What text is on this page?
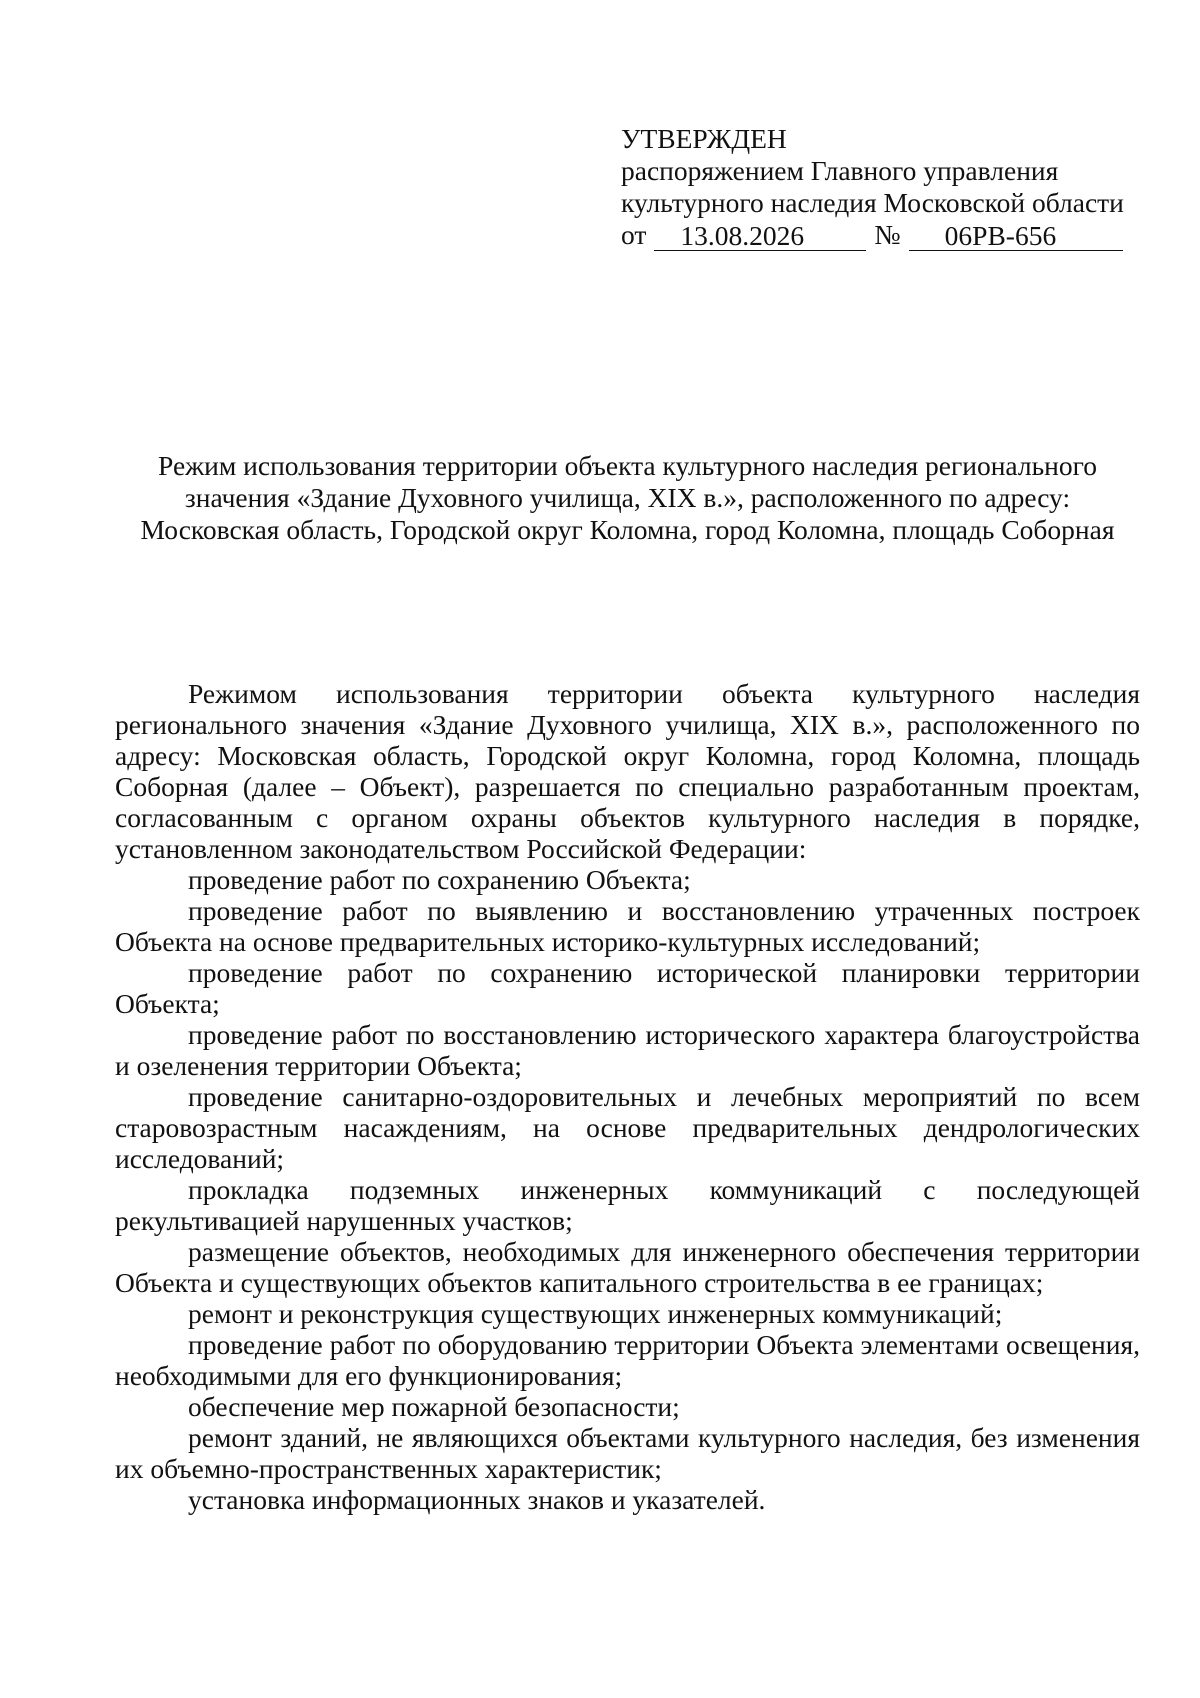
УТВЕРЖДЕН
распоряжением Главного управления
культурного наследия Московской области
от	13.08.2026	№	06РВ-656
Режим использования территории объекта культурного наследия регионального
значения «Здание Духовного училища, XIX в.», расположенного по адресу:
Московская область, Городской округ Коломна, город Коломна, площадь Соборная

Режимом использования территории объекта культурного наследия регионального значения «Здание Духовного училища, XIX в.», расположенного по адресу: Московская область, Городской округ Коломна, город Коломна, площадь Соборная (далее – Объект), разрешается по специально разработанным проектам, согласованным с органом охраны объектов культурного наследия в порядке, установленном законодательством Российской Федерации:

проведение работ по сохранению Объекта;

проведение работ по выявлению и восстановлению утраченных построек Объекта на основе предварительных историко-культурных исследований;

проведение работ по сохранению исторической планировки территории Объекта;

проведение работ по восстановлению исторического характера благоустройства и озеленения территории Объекта;

проведение санитарно-оздоровительных и лечебных мероприятий по всем старовозрастным насаждениям, на основе предварительных дендрологических исследований;

прокладка подземных инженерных коммуникаций с последующей рекультивацией нарушенных участков;

размещение объектов, необходимых для инженерного обеспечения территории Объекта и существующих объектов капитального строительства в ее границах;

ремонт и реконструкция существующих инженерных коммуникаций;

проведение работ по оборудованию территории Объекта элементами освещения, необходимыми для его функционирования;

обеспечение мер пожарной безопасности;

ремонт зданий, не являющихся объектами культурного наследия, без изменения их объемно-пространственных характеристик;

установка информационных знаков и указателей.
